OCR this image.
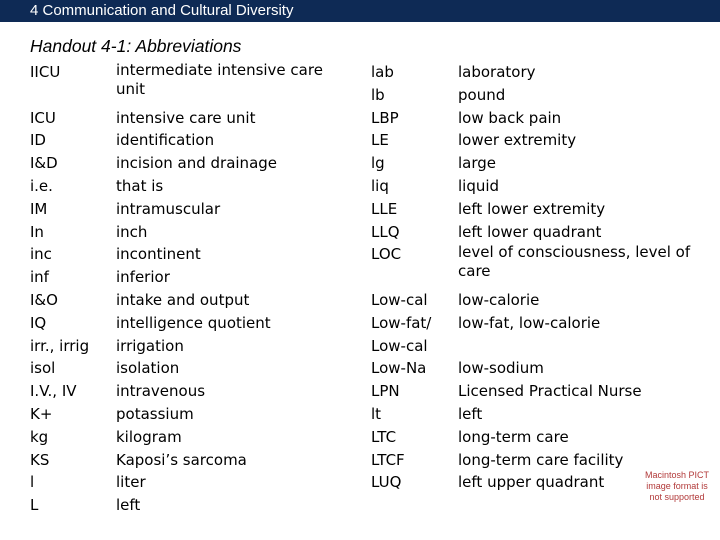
4 Communication and Cultural Diversity
Handout 4-1: Abbreviations
IICU
ICU
ID
I&D
i.e.
IM
In
inc
inf
I&O
IQ
irr., irrig
isol
I.V., IV
K+
kg
KS
l
L
intermediate intensive care unit
intensive care unit
identification
incision and drainage
that is
intramuscular
inch
incontinent
inferior
intake and output
intelligence quotient
irrigation
isolation
intravenous
potassium
kilogram
Kaposi’s sarcoma
liter
left
lab
lb
LBP
LE
lg
liq
LLE
LLQ
LOC
Low-cal
Low-fat/
Low-cal
Low-Na
LPN
lt
LTC
LTCF
LUQ
laboratory
pound
low back pain
lower extremity
large
liquid
left lower extremity
left lower quadrant
level of consciousness, level of care
low-calorie
low-fat, low-calorie
low-sodium
Licensed Practical Nurse
left
long-term care
long-term care facility
left upper quadrant	Macintosh PICT image format is not supported
